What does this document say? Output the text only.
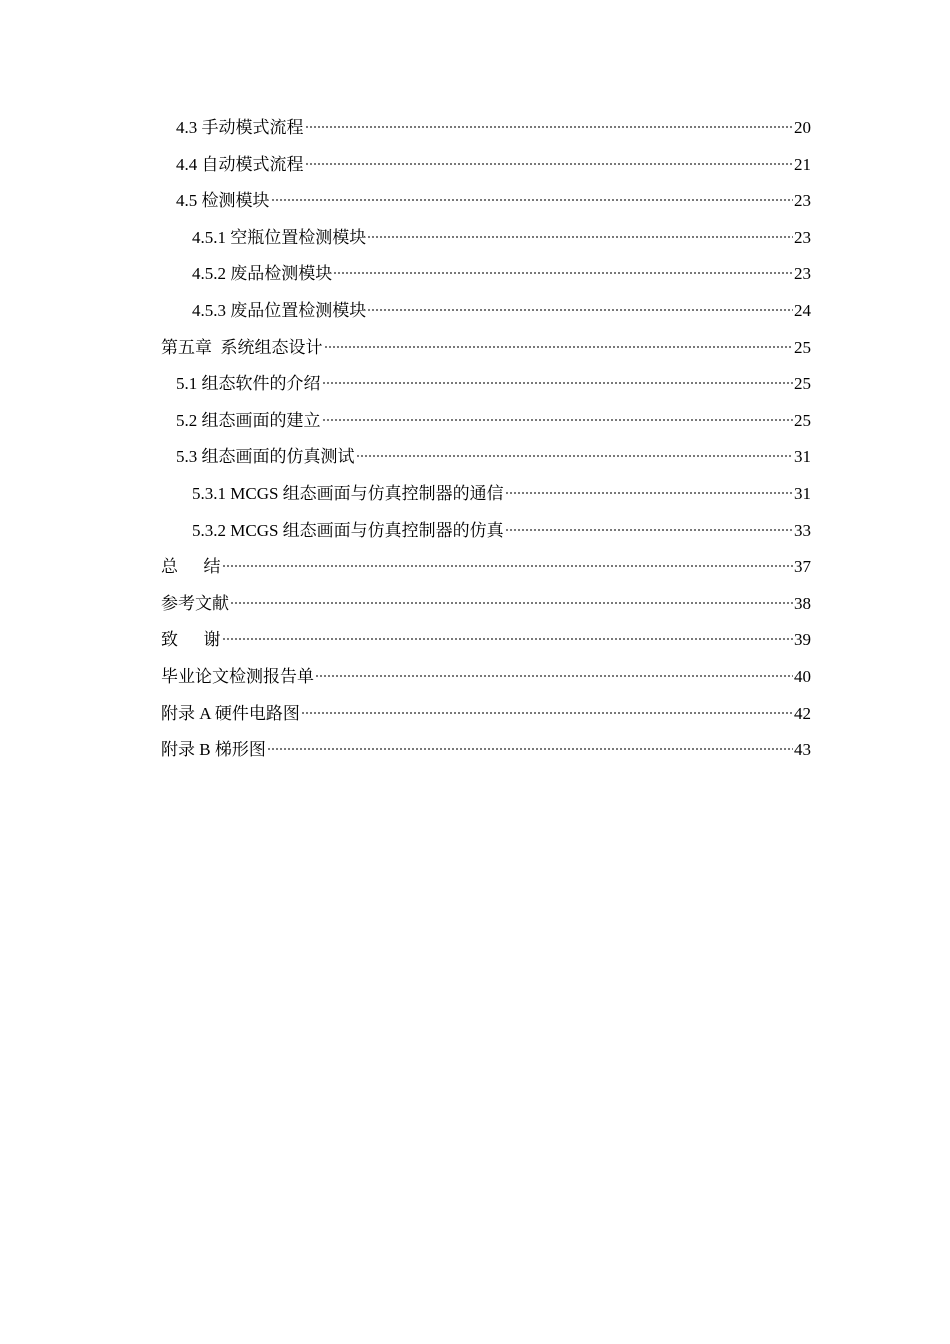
4.3 手动模式流程	20
4.4 自动模式流程	21
4.5 检测模块	23
4.5.1 空瓶位置检测模块	23
4.5.2 废品检测模块	23
4.5.3 废品位置检测模块	24
第五章  系统组态设计	25
5.1 组态软件的介绍	25
5.2 组态画面的建立	25
5.3 组态画面的仿真测试	31
5.3.1 MCGS 组态画面与仿真控制器的通信	31
5.3.2 MCGS 组态画面与仿真控制器的仿真	33
总      结	37
参考文献	38
致      谢	39
毕业论文检测报告单	40
附录 A 硬件电路图	42
附录 B 梯形图	43
